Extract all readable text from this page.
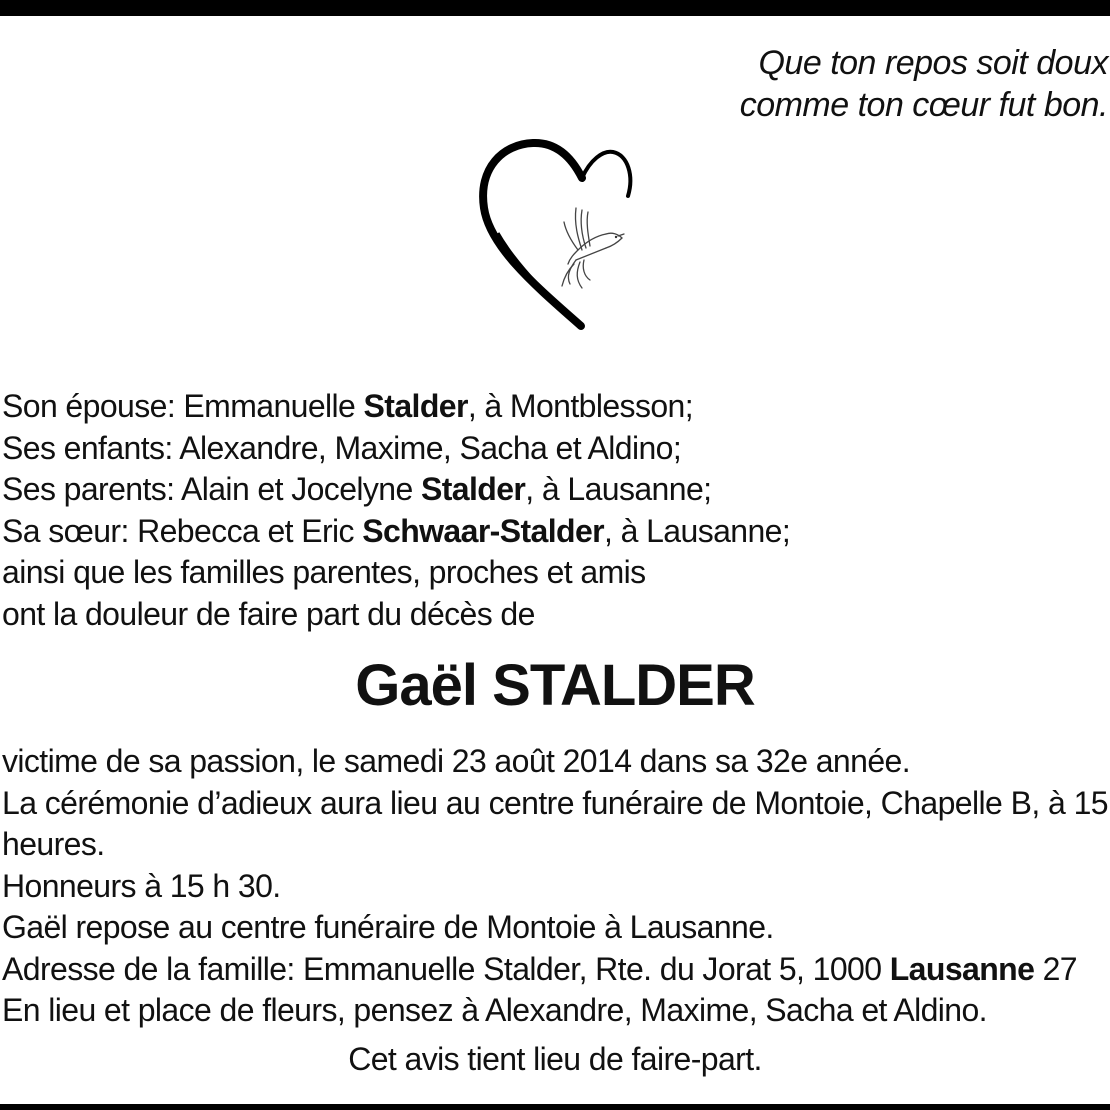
Que ton repos soit doux
comme ton cœur fut bon.
Son épouse: Emmanuelle Stalder, à Montblesson;
Ses enfants: Alexandre, Maxime, Sacha et Aldino;
Ses parents: Alain et Jocelyne Stalder, à Lausanne;
Sa sœur: Rebecca et Eric Schwaar-Stalder, à Lausanne;
ainsi que les familles parentes, proches et amis
ont la douleur de faire part du décès de
Gaël STALDER
victime de sa passion, le samedi 23 août 2014 dans sa 32e année.
La cérémonie d’adieux aura lieu au centre funéraire de Montoie, Chapelle B, à 15 heures.
Honneurs à 15 h 30.
Gaël repose au centre funéraire de Montoie à Lausanne.
Adresse de la famille: Emmanuelle Stalder, Rte. du Jorat 5, 1000 Lausanne 27
En lieu et place de fleurs, pensez à Alexandre, Maxime, Sacha et Aldino.
Cet avis tient lieu de faire-part.
